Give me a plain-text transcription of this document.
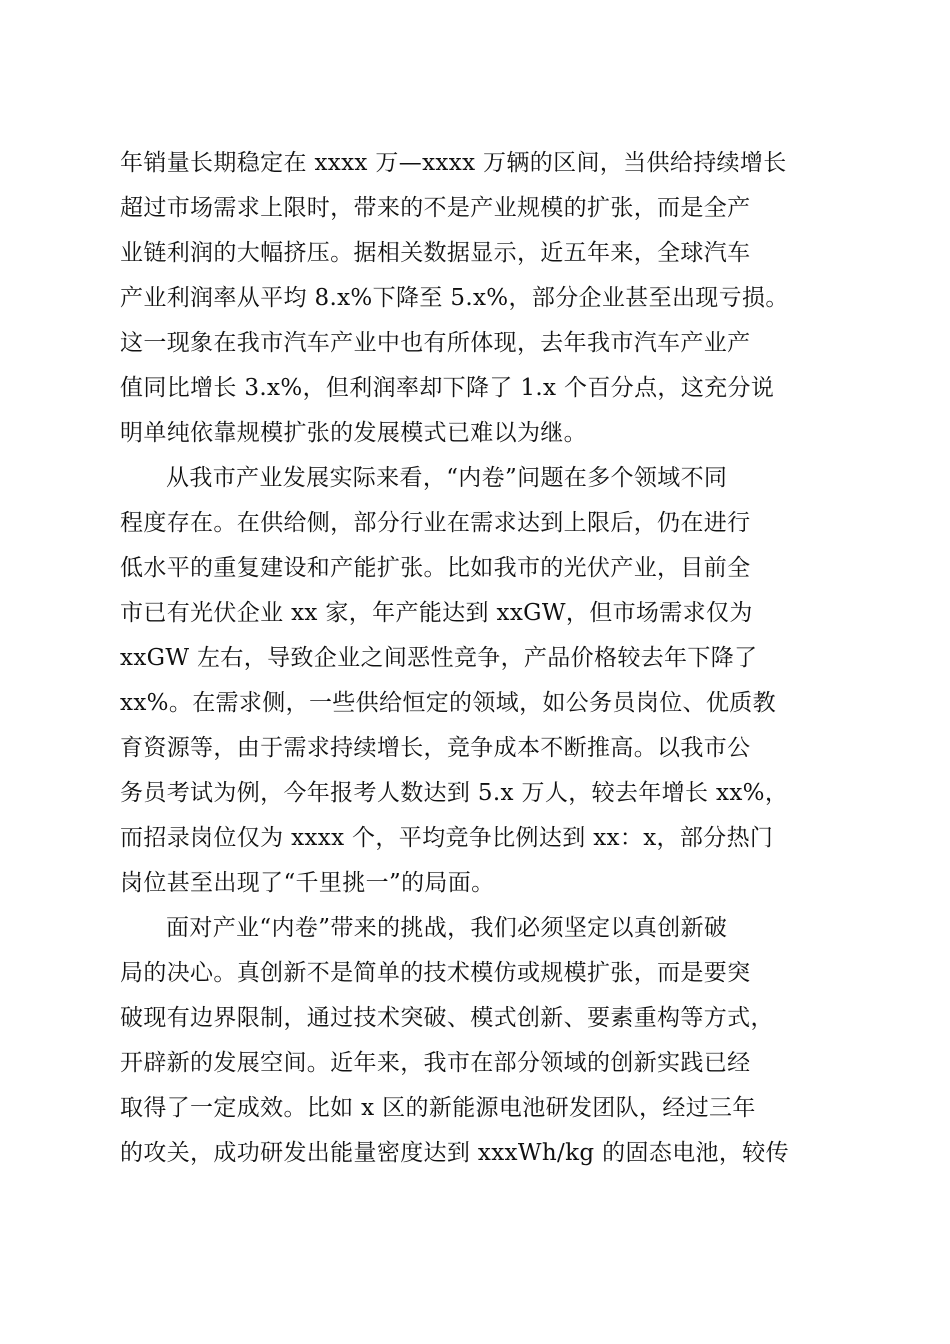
年销量长期稳定在 xxxx 万—xxxx 万辆的区间，当供给持续增长
超过市场需求上限时，带来的不是产业规模的扩张，而是全产
业链利润的大幅挤压。据相关数据显示，近五年来，全球汽车
产业利润率从平均 8.x%下降至 5.x%，部分企业甚至出现亏损。
这一现象在我市汽车产业中也有所体现，去年我市汽车产业产
值同比增长 3.x%，但利润率却下降了 1.x 个百分点，这充分说
明单纯依靠规模扩张的发展模式已难以为继。
从我市产业发展实际来看，“内卷”问题在多个领域不同
程度存在。在供给侧，部分行业在需求达到上限后，仍在进行
低水平的重复建设和产能扩张。比如我市的光伏产业，目前全
市已有光伏企业 xx 家，年产能达到 xxGW，但市场需求仅为
xxGW 左右，导致企业之间恶性竞争，产品价格较去年下降了
xx%。在需求侧，一些供给恒定的领域，如公务员岗位、优质教
育资源等，由于需求持续增长，竞争成本不断推高。以我市公
务员考试为例，今年报考人数达到 5.x 万人，较去年增长 xx%，
而招录岗位仅为 xxxx 个，平均竞争比例达到 xx：x，部分热门
岗位甚至出现了“千里挑一”的局面。
面对产业“内卷”带来的挑战，我们必须坚定以真创新破
局的决心。真创新不是简单的技术模仿或规模扩张，而是要突
破现有边界限制，通过技术突破、模式创新、要素重构等方式，
开辟新的发展空间。近年来，我市在部分领域的创新实践已经
取得了一定成效。比如 x 区的新能源电池研发团队，经过三年
的攻关，成功研发出能量密度达到 xxxWh/kg 的固态电池，较传
